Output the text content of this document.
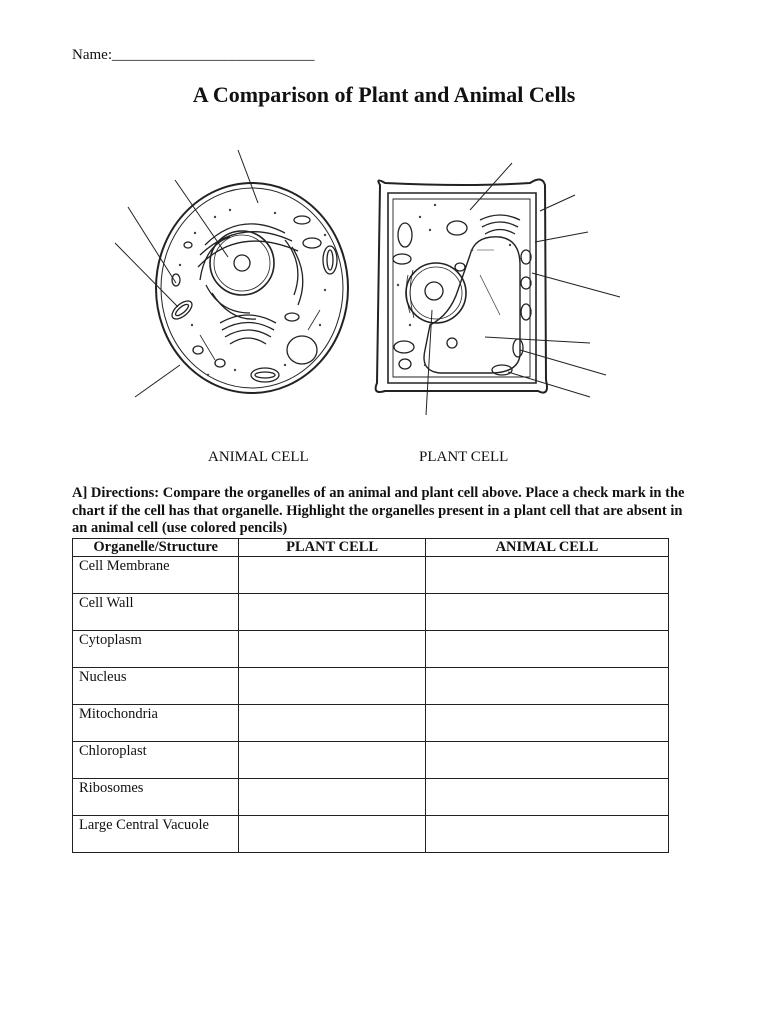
Name:___________________________
A Comparison of Plant and Animal Cells
ANIMAL CELL	PLANT CELL
A] Directions: Compare the organelles of an animal and plant cell above. Place a check mark in the chart if the cell has that organelle. Highlight the organelles present in a plant cell that are absent in an animal cell (use colored pencils)
Organelle/Structure	PLANT CELL	ANIMAL CELL
Cell Membrane		
Cell Wall		
Cytoplasm		
Nucleus		
Mitochondria		
Chloroplast		
Ribosomes		
Large Central Vacuole		
